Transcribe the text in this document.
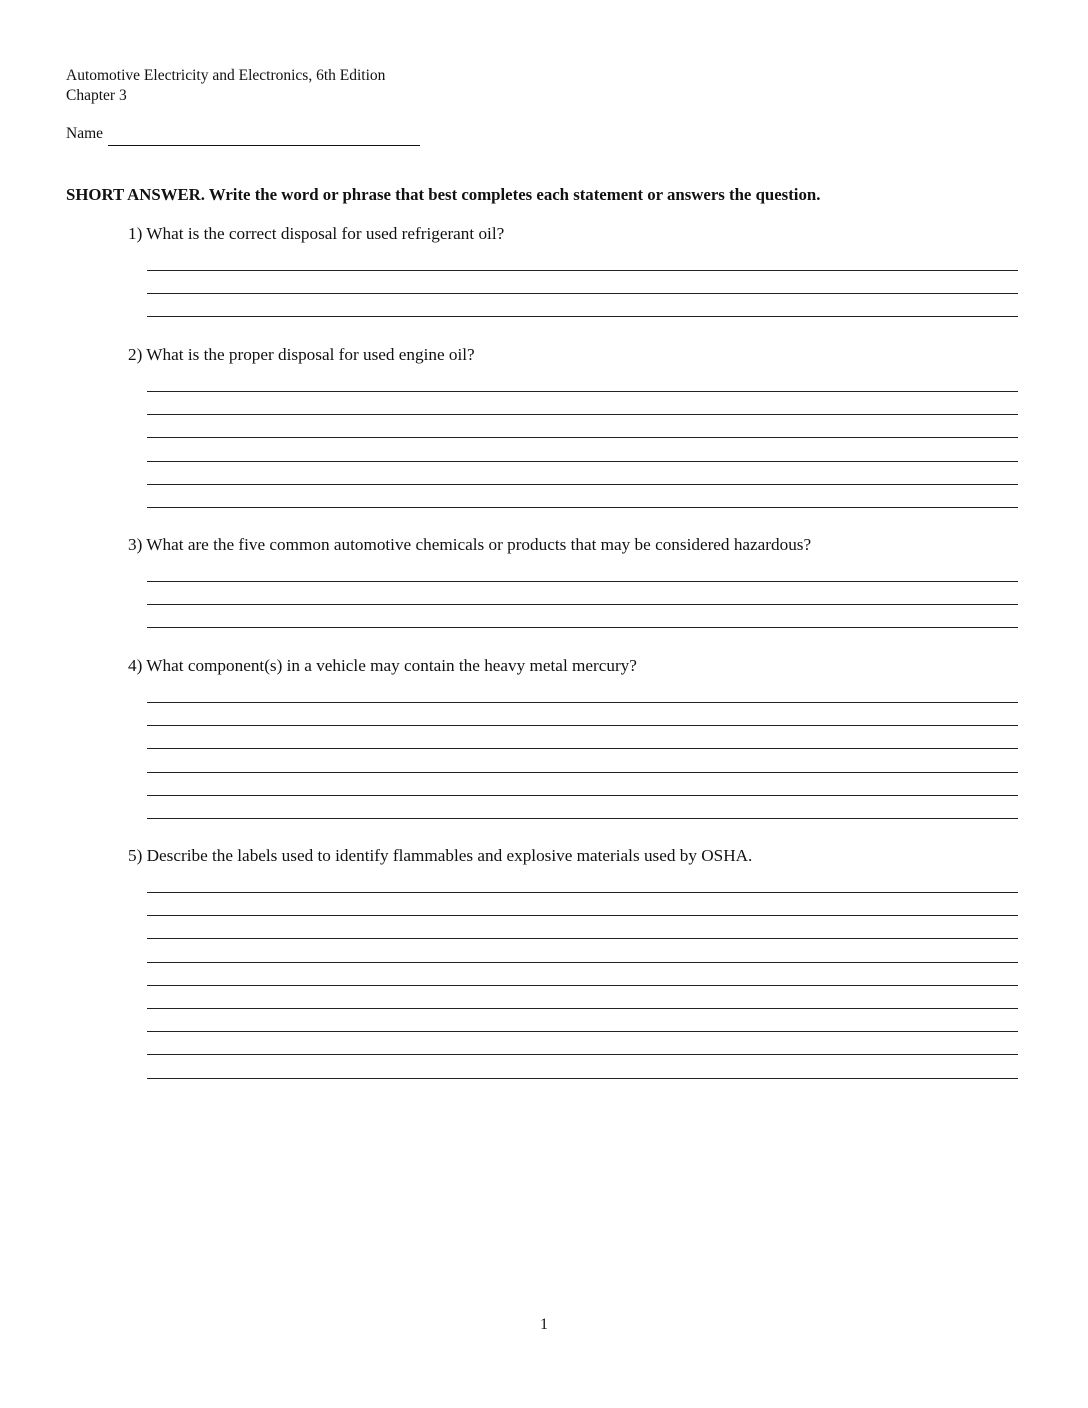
Automotive Electricity and Electronics, 6th Edition
Chapter 3
Name
SHORT ANSWER. Write the word or phrase that best completes each statement or answers the question.
1) What is the correct disposal for used refrigerant oil?
2) What is the proper disposal for used engine oil?
3) What are the five common automotive chemicals or products that may be considered hazardous?
4) What component(s) in a vehicle may contain the heavy metal mercury?
5) Describe the labels used to identify flammables and explosive materials used by OSHA.
1
